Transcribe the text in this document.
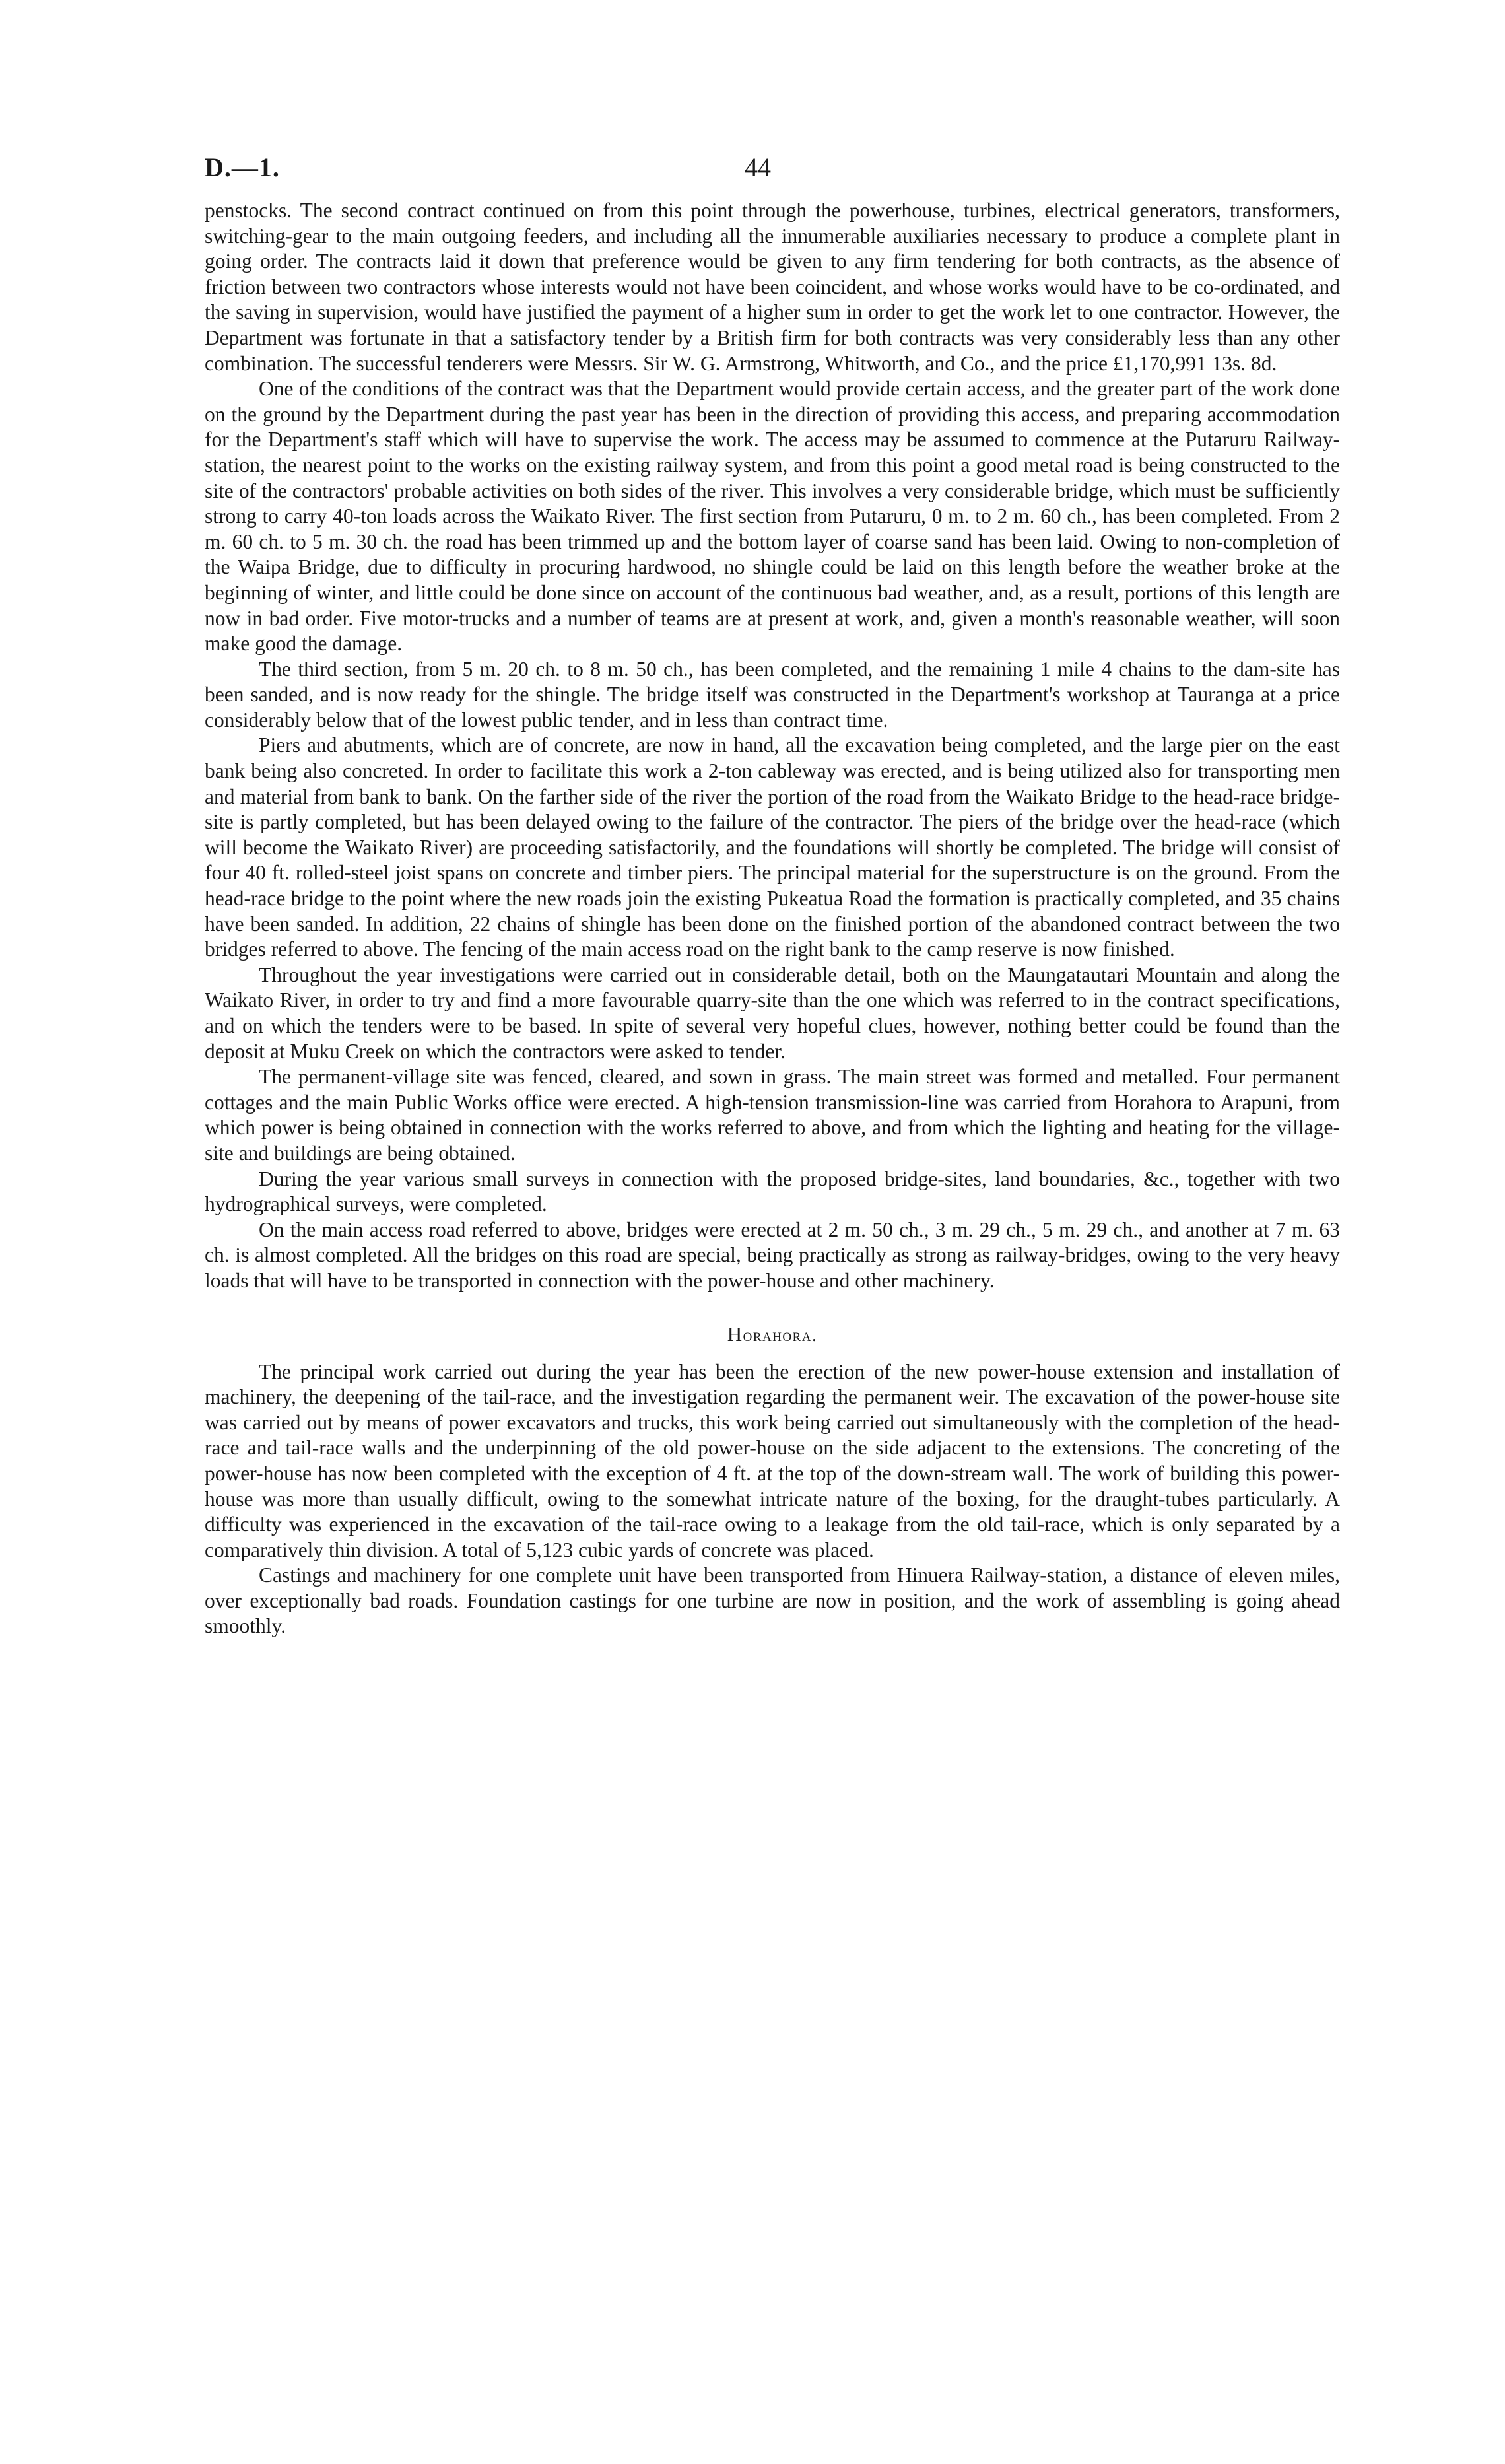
D.—1.	44

penstocks. The second contract continued on from this point through the powerhouse, turbines, electrical generators, transformers, switching-gear to the main outgoing feeders, and including all the innumerable auxiliaries necessary to produce a complete plant in going order. The contracts laid it down that preference would be given to any firm tendering for both contracts, as the absence of friction between two contractors whose interests would not have been coincident, and whose works would have to be co-ordinated, and the saving in supervision, would have justified the payment of a higher sum in order to get the work let to one contractor. However, the Department was fortunate in that a satisfactory tender by a British firm for both contracts was very considerably less than any other combination. The successful tenderers were Messrs. Sir W. G. Armstrong, Whitworth, and Co., and the price £1,170,991 13s. 8d.

One of the conditions of the contract was that the Department would provide certain access, and the greater part of the work done on the ground by the Department during the past year has been in the direction of providing this access, and preparing accommodation for the Department's staff which will have to supervise the work. The access may be assumed to commence at the Putaruru Railway-station, the nearest point to the works on the existing railway system, and from this point a good metal road is being constructed to the site of the contractors' probable activities on both sides of the river. This involves a very considerable bridge, which must be sufficiently strong to carry 40-ton loads across the Waikato River. The first section from Putaruru, 0 m. to 2 m. 60 ch., has been completed. From 2 m. 60 ch. to 5 m. 30 ch. the road has been trimmed up and the bottom layer of coarse sand has been laid. Owing to non-completion of the Waipa Bridge, due to difficulty in procuring hardwood, no shingle could be laid on this length before the weather broke at the beginning of winter, and little could be done since on account of the continuous bad weather, and, as a result, portions of this length are now in bad order. Five motor-trucks and a number of teams are at present at work, and, given a month's reasonable weather, will soon make good the damage.

The third section, from 5 m. 20 ch. to 8 m. 50 ch., has been completed, and the remaining 1 mile 4 chains to the dam-site has been sanded, and is now ready for the shingle. The bridge itself was constructed in the Department's workshop at Tauranga at a price considerably below that of the lowest public tender, and in less than contract time.

Piers and abutments, which are of concrete, are now in hand, all the excavation being completed, and the large pier on the east bank being also concreted. In order to facilitate this work a 2-ton cableway was erected, and is being utilized also for transporting men and material from bank to bank. On the farther side of the river the portion of the road from the Waikato Bridge to the head-race bridge-site is partly completed, but has been delayed owing to the failure of the contractor. The piers of the bridge over the head-race (which will become the Waikato River) are proceeding satisfactorily, and the foundations will shortly be completed. The bridge will consist of four 40 ft. rolled-steel joist spans on concrete and timber piers. The principal material for the superstructure is on the ground. From the head-race bridge to the point where the new roads join the existing Pukeatua Road the formation is practically completed, and 35 chains have been sanded. In addition, 22 chains of shingle has been done on the finished portion of the abandoned contract between the two bridges referred to above. The fencing of the main access road on the right bank to the camp reserve is now finished.

Throughout the year investigations were carried out in considerable detail, both on the Maungatautari Mountain and along the Waikato River, in order to try and find a more favourable quarry-site than the one which was referred to in the contract specifications, and on which the tenders were to be based. In spite of several very hopeful clues, however, nothing better could be found than the deposit at Muku Creek on which the contractors were asked to tender.

The permanent-village site was fenced, cleared, and sown in grass. The main street was formed and metalled. Four permanent cottages and the main Public Works office were erected. A high-tension transmission-line was carried from Horahora to Arapuni, from which power is being obtained in connection with the works referred to above, and from which the lighting and heating for the village-site and buildings are being obtained.

During the year various small surveys in connection with the proposed bridge-sites, land boundaries, &c., together with two hydrographical surveys, were completed.

On the main access road referred to above, bridges were erected at 2 m. 50 ch., 3 m. 29 ch., 5 m. 29 ch., and another at 7 m. 63 ch. is almost completed. All the bridges on this road are special, being practically as strong as railway-bridges, owing to the very heavy loads that will have to be transported in connection with the power-house and other machinery.

Horahora.

The principal work carried out during the year has been the erection of the new power-house extension and installation of machinery, the deepening of the tail-race, and the investigation regarding the permanent weir. The excavation of the power-house site was carried out by means of power excavators and trucks, this work being carried out simultaneously with the completion of the head-race and tail-race walls and the underpinning of the old power-house on the side adjacent to the extensions. The concreting of the power-house has now been completed with the exception of 4 ft. at the top of the down-stream wall. The work of building this power-house was more than usually difficult, owing to the somewhat intricate nature of the boxing, for the draught-tubes particularly. A difficulty was experienced in the excavation of the tail-race owing to a leakage from the old tail-race, which is only separated by a comparatively thin division. A total of 5,123 cubic yards of concrete was placed.

Castings and machinery for one complete unit have been transported from Hinuera Railway-station, a distance of eleven miles, over exceptionally bad roads. Foundation castings for one turbine are now in position, and the work of assembling is going ahead smoothly.
